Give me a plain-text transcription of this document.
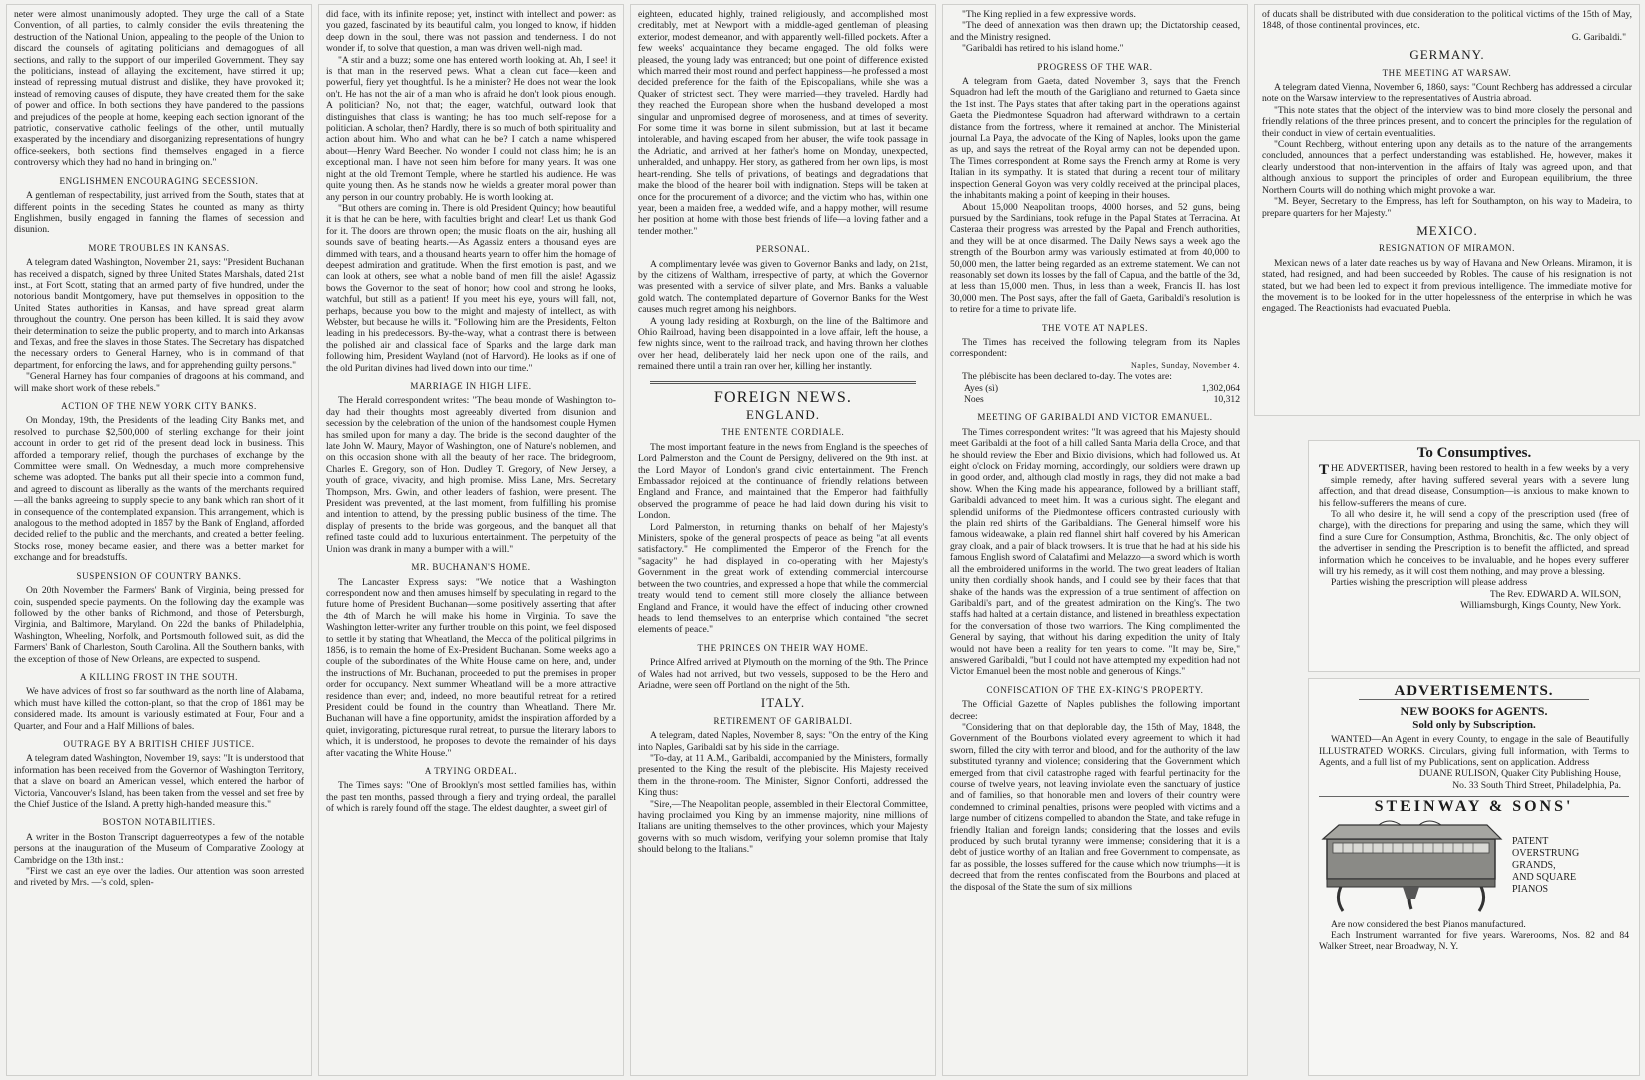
neter were almost unanimously adopted. They urge the call of a State Convention, of all parties, to calmly consider the evils threatening the destruction of the National Union, appealing to the people of the Union to discard the counsels of agitating politicians and demagogues of all sections, and rally to the support of our imperiled Government. They say the politicians, instead of allaying the excitement, have stirred it up; instead of repressing mutual distrust and dislike, they have provoked it; instead of removing causes of dispute, they have created them for the sake of power and office. In both sections they have pandered to the passions and prejudices of the people at home, keeping each section ignorant of the patriotic, conservative catholic feelings of the other, until mutually exasperated by the incendiary and disorganizing representations of hungry office-seekers, both sections find themselves engaged in a fierce controversy which they had no hand in bringing on."

ENGLISHMEN ENCOURAGING SECESSION.

A gentleman of respectability, just arrived from the South, states that at different points in the seceding States he counted as many as thirty Englishmen, busily engaged in fanning the flames of secession and disunion.

MORE TROUBLES IN KANSAS.

A telegram dated Washington, November 21, says: "President Buchanan has received a dispatch, signed by three United States Marshals, dated 21st inst., at Fort Scott, stating that an armed party of five hundred, under the notorious bandit Montgomery, have put themselves in opposition to the United States authorities in Kansas, and have spread great alarm throughout the country. One person has been killed. It is said they avow their determination to seize the public property, and to march into Arkansas and Texas, and free the slaves in those States. The Secretary has dispatched the necessary orders to General Harney, who is in command of that department, for enforcing the laws, and for apprehending guilty persons."

"General Harney has four companies of dragoons at his command, and will make short work of these rebels."

ACTION OF THE NEW YORK CITY BANKS.

On Monday, 19th, the Presidents of the leading City Banks met, and resolved to purchase $2,500,000 of sterling exchange for their joint account in order to get rid of the present dead lock in business. This afforded a temporary relief, though the purchases of exchange by the Committee were small. On Wednesday, a much more comprehensive scheme was adopted. The banks put all their specie into a common fund, and agreed to discount as liberally as the wants of the merchants required—all the banks agreeing to supply specie to any bank which ran short of it in consequence of the contemplated expansion. This arrangement, which is analogous to the method adopted in 1857 by the Bank of England, afforded decided relief to the public and the merchants, and created a better feeling. Stocks rose, money became easier, and there was a better market for exchange and for breadstuffs.

SUSPENSION OF COUNTRY BANKS.

On 20th November the Farmers' Bank of Virginia, being pressed for coin, suspended specie payments. On the following day the example was followed by the other banks of Richmond, and those of Petersburgh, Virginia, and Baltimore, Maryland. On 22d the banks of Philadelphia, Washington, Wheeling, Norfolk, and Portsmouth followed suit, as did the Farmers' Bank of Charleston, South Carolina. All the Southern banks, with the exception of those of New Orleans, are expected to suspend.

A KILLING FROST IN THE SOUTH.

We have advices of frost so far southward as the north line of Alabama, which must have killed the cotton-plant, so that the crop of 1861 may be considered made. Its amount is variously estimated at Four, Four and a Quarter, and Four and a Half Millions of bales.

OUTRAGE BY A BRITISH CHIEF JUSTICE.

A telegram dated Washington, November 19, says: "It is understood that information has been received from the Governor of Washington Territory, that a slave on board an American vessel, which entered the harbor of Victoria, Vancouver's Island, has been taken from the vessel and set free by the Chief Justice of the Island. A pretty high-handed measure this."

BOSTON NOTABILITIES.

A writer in the Boston Transcript daguerreotypes a few of the notable persons at the inauguration of the Museum of Comparative Zoology at Cambridge on the 13th inst.:

"First we cast an eye over the ladies. Our attention was soon arrested and riveted by Mrs. —'s cold, splen-

did face, with its infinite repose; yet, instinct with intellect and power: as you gazed, fascinated by its beautiful calm, you longed to know, if hidden deep down in the soul, there was not passion and tenderness. I do not wonder if, to solve that question, a man was driven well-nigh mad.

"A stir and a buzz; some one has entered worth looking at. Ah, I see! it is that man in the reserved pews. What a clean cut face—keen and powerful, fiery yet thoughtful. Is he a minister? He does not wear the look on't. He has not the air of a man who is afraid he don't look pious enough. A politician? No, not that; the eager, watchful, outward look that distinguishes that class is wanting; he has too much self-repose for a politician. A scholar, then? Hardly, there is so much of both spirituality and action about him. Who and what can he be? I catch a name whispered about—Henry Ward Beecher. No wonder I could not class him; he is an exceptional man. I have not seen him before for many years. It was one night at the old Tremont Temple, where he startled his audience. He was quite young then. As he stands now he wields a greater moral power than any person in our country probably. He is worth looking at.

"But others are coming in. There is old President Quincy; how beautiful it is that he can be here, with faculties bright and clear! Let us thank God for it. The doors are thrown open; the music floats on the air, hushing all sounds save of beating hearts.—As Agassiz enters a thousand eyes are dimmed with tears, and a thousand hearts yearn to offer him the homage of deepest admiration and gratitude. When the first emotion is past, and we can look at others, see what a noble band of men fill the aisle! Agassiz bows the Governor to the seat of honor; how cool and strong he looks, watchful, but still as a patient! If you meet his eye, yours will fall, not, perhaps, because you bow to the might and majesty of intellect, as with Webster, but because he wills it. "Following him are the Presidents, Felton leading in his predecessors. By-the-way, what a contrast there is between the polished air and classical face of Sparks and the large dark man following him, President Wayland (not of Harvord). He looks as if one of the old Puritan divines had lived down into our time."

MARRIAGE IN HIGH LIFE.

The Herald correspondent writes: "The beau monde of Washington to-day had their thoughts most agreeably diverted from disunion and secession by the celebration of the union of the handsomest couple Hymen has smiled upon for many a day. The bride is the second daughter of the late John W. Maury, Mayor of Washington, one of Nature's noblemen, and on this occasion shone with all the beauty of her race. The bridegroom, Charles E. Gregory, son of Hon. Dudley T. Gregory, of New Jersey, a youth of grace, vivacity, and high promise. Miss Lane, Mrs. Secretary Thompson, Mrs. Gwin, and other leaders of fashion, were present. The President was prevented, at the last moment, from fulfilling his promise and intention to attend, by the pressing public business of the time. The display of presents to the bride was gorgeous, and the banquet all that refined taste could add to luxurious entertainment. The perpetuity of the Union was drank in many a bumper with a will."

MR. BUCHANAN'S HOME.

The Lancaster Express says: "We notice that a Washington correspondent now and then amuses himself by speculating in regard to the future home of President Buchanan—some positively asserting that after the 4th of March he will make his home in Virginia. To save the Washington letter-writer any further trouble on this point, we feel disposed to settle it by stating that Wheatland, the Mecca of the political pilgrims in 1856, is to remain the home of Ex-President Buchanan. Some weeks ago a couple of the subordinates of the White House came on here, and, under the instructions of Mr. Buchanan, proceeded to put the premises in proper order for occupancy. Next summer Wheatland will be a more attractive residence than ever; and, indeed, no more beautiful retreat for a retired President could be found in the country than Wheatland. There Mr. Buchanan will have a fine opportunity, amidst the inspiration afforded by a quiet, invigorating, picturesque rural retreat, to pursue the literary labors to which, it is understood, he proposes to devote the remainder of his days after vacating the White House."

A TRYING ORDEAL.

The Times says: "One of Brooklyn's most settled families has, within the past ten months, passed through a fiery and trying ordeal, the parallel of which is rarely found off the stage. The eldest daughter, a sweet girl of

eighteen, educated highly, trained religiously, and accomplished most creditably, met at Newport with a middle-aged gentleman of pleasing exterior, modest demeanor, and with apparently well-filled pockets. After a few weeks' acquaintance they became engaged. The old folks were pleased, the young lady was entranced; but one point of difference existed which marred their most round and perfect happiness—he professed a most decided preference for the faith of the Episcopalians, while she was a Quaker of strictest sect. They were married—they traveled. Hardly had they reached the European shore when the husband developed a most singular and unpromised degree of moroseness, and at times of severity. For some time it was borne in silent submission, but at last it became intolerable, and having escaped from her abuser, the wife took passage in the Adriatic, and arrived at her father's home on Monday, unexpected, unheralded, and unhappy. Her story, as gathered from her own lips, is most heart-rending. She tells of privations, of beatings and degradations that make the blood of the hearer boil with indignation. Steps will be taken at once for the procurement of a divorce; and the victim who has, within one year, been a maiden free, a wedded wife, and a happy mother, will resume her position at home with those best friends of life—a loving father and a tender mother."

PERSONAL.

A complimentary levée was given to Governor Banks and lady, on 21st, by the citizens of Waltham, irrespective of party, at which the Governor was presented with a service of silver plate, and Mrs. Banks a valuable gold watch. The contemplated departure of Governor Banks for the West causes much regret among his neighbors.

A young lady residing at Roxburgh, on the line of the Baltimore and Ohio Railroad, having been disappointed in a love affair, left the house, a few nights since, went to the railroad track, and having thrown her clothes over her head, deliberately laid her neck upon one of the rails, and remained there until a train ran over her, killing her instantly.

FOREIGN NEWS.
ENGLAND.
THE ENTENTE CORDIALE.

The most important feature in the news from England is the speeches of Lord Palmerston and the Count de Persigny, delivered on the 9th inst. at the Lord Mayor of London's grand civic entertainment. The French Embassador rejoiced at the continuance of friendly relations between England and France, and maintained that the Emperor had faithfully observed the programme of peace he had laid down during his visit to London.

Lord Palmerston, in returning thanks on behalf of her Majesty's Ministers, spoke of the general prospects of peace as being "at all events satisfactory." He complimented the Emperor of the French for the "sagacity" he had displayed in co-operating with her Majesty's Government in the great work of extending commercial intercourse between the two countries, and expressed a hope that while the commercial treaty would tend to cement still more closely the alliance between England and France, it would have the effect of inducing other crowned heads to lend themselves to an enterprise which contained "the secret elements of peace."

THE PRINCES ON THEIR WAY HOME.

Prince Alfred arrived at Plymouth on the morning of the 9th. The Prince of Wales had not arrived, but two vessels, supposed to be the Hero and Ariadne, were seen off Portland on the night of the 5th.

ITALY.
RETIREMENT OF GARIBALDI.

A telegram, dated Naples, November 8, says: "On the entry of the King into Naples, Garibaldi sat by his side in the carriage.

"To-day, at 11 A.M., Garibaldi, accompanied by the Ministers, formally presented to the King the result of the plebiscite. His Majesty received them in the throne-room. The Minister, Signor Conforti, addressed the King thus:

"Sire,—The Neapolitan people, assembled in their Electoral Committee, having proclaimed you King by an immense majority, nine millions of Italians are uniting themselves to the other provinces, which your Majesty governs with so much wisdom, verifying your solemn promise that Italy should belong to the Italians."

"The King replied in a few expressive words.

"The deed of annexation was then drawn up; the Dictatorship ceased, and the Ministry resigned.

"Garibaldi has retired to his island home."

PROGRESS OF THE WAR.

A telegram from Gaeta, dated November 3, says that the French Squadron had left the mouth of the Garigliano and returned to Gaeta since the 1st inst. The Pays states that after taking part in the operations against Gaeta the Piedmontese Squadron had afterward withdrawn to a certain distance from the fortress, where it remained at anchor. The Ministerial journal La Paya, the advocate of the King of Naples, looks upon the game as up, and says the retreat of the Royal army can not be depended upon. The Times correspondent at Rome says the French army at Rome is very Italian in its sympathy. It is stated that during a recent tour of military inspection General Goyon was very coldly received at the principal places, the inhabitants making a point of keeping in their houses.

About 15,000 Neapolitan troops, 4000 horses, and 52 guns, being pursued by the Sardinians, took refuge in the Papal States at Terracina. At Casteraa their progress was arrested by the Papal and French authorities, and they will be at once disarmed. The Daily News says a week ago the strength of the Bourbon army was variously estimated at from 40,000 to 50,000 men, the latter being regarded as an extreme statement. We can not reasonably set down its losses by the fall of Capua, and the battle of the 3d, at less than 15,000 men. Thus, in less than a week, Francis II. has lost 30,000 men. The Post says, after the fall of Gaeta, Garibaldi's resolution is to retire for a time to private life.

THE VOTE AT NAPLES.

The Times has received the following telegram from its Naples correspondent:

Naples, Sunday, November 4.

The plébiscite has been declared to-day. The votes are:

Ayes (sì)	1,302,064
Noes	10,312
MEETING OF GARIBALDI AND VICTOR EMANUEL.

The Times correspondent writes: "It was agreed that his Majesty should meet Garibaldi at the foot of a hill called Santa Maria della Croce, and that he should review the Eber and Bixio divisions, which had followed us. At eight o'clock on Friday morning, accordingly, our soldiers were drawn up in good order, and, although clad mostly in rags, they did not make a bad show. When the King made his appearance, followed by a brilliant staff, Garibaldi advanced to meet him. It was a curious sight. The elegant and splendid uniforms of the Piedmontese officers contrasted curiously with the plain red shirts of the Garibaldians. The General himself wore his famous wideawake, a plain red flannel shirt half covered by his American gray cloak, and a pair of black trowsers. It is true that he had at his side his famous English sword of Calatafimi and Melazzo—a sword which is worth all the embroidered uniforms in the world. The two great leaders of Italian unity then cordially shook hands, and I could see by their faces that that shake of the hands was the expression of a true sentiment of affection on Garibaldi's part, and of the greatest admiration on the King's. The two staffs had halted at a certain distance, and listened in breathless expectation for the conversation of those two warriors. The King complimented the General by saying, that without his daring expedition the unity of Italy would not have been a reality for ten years to come. "It may be, Sire," answered Garibaldi, "but I could not have attempted my expedition had not Victor Emanuel been the most noble and generous of Kings."

CONFISCATION OF THE EX-KING'S PROPERTY.

The Official Gazette of Naples publishes the following important decree:

"Considering that on that deplorable day, the 15th of May, 1848, the Government of the Bourbons violated every agreement to which it had sworn, filled the city with terror and blood, and for the authority of the law substituted tyranny and violence; considering that the Government which emerged from that civil catastrophe raged with fearful pertinacity for the course of twelve years, not leaving inviolate even the sanctuary of justice and of families, so that honorable men and lovers of their country were condemned to criminal penalties, prisons were peopled with victims and a large number of citizens compelled to abandon the State, and take refuge in friendly Italian and foreign lands; considering that the losses and evils produced by such brutal tyranny were immense; considering that it is a debt of justice worthy of an Italian and free Government to compensate, as far as possible, the losses suffered for the cause which now triumphs—it is decreed that from the rentes confiscated from the Bourbons and placed at the disposal of the State the sum of six millions

of ducats shall be distributed with due consideration to the political victims of the 15th of May, 1848, of those continental provinces, etc.

G. Garibaldi."
GERMANY.
THE MEETING AT WARSAW.

A telegram dated Vienna, November 6, 1860, says: "Count Rechberg has addressed a circular note on the Warsaw interview to the representatives of Austria abroad.

"This note states that the object of the interview was to bind more closely the personal and friendly relations of the three princes present, and to concert the principles for the regulation of their conduct in view of certain eventualities.

"Count Rechberg, without entering upon any details as to the nature of the arrangements concluded, announces that a perfect understanding was established. He, however, makes it clearly understood that non-intervention in the affairs of Italy was agreed upon, and that although anxious to support the principles of order and European equilibrium, the three Northern Courts will do nothing which might provoke a war.

"M. Beyer, Secretary to the Empress, has left for Southampton, on his way to Madeira, to prepare quarters for her Majesty."

MEXICO.
RESIGNATION OF MIRAMON.

Mexican news of a later date reaches us by way of Havana and New Orleans. Miramon, it is stated, had resigned, and had been succeeded by Robles. The cause of his resignation is not stated, but we had been led to expect it from previous intelligence. The immediate motive for the movement is to be looked for in the utter hopelessness of the enterprise in which he was engaged. The Reactionists had evacuated Puebla.

To Consumptives.
THE ADVERTISER, having been restored to health in a few weeks by a very simple remedy, after having suffered several years with a severe lung affection, and that dread disease, Consumption—is anxious to make known to his fellow-sufferers the means of cure.

To all who desire it, he will send a copy of the prescription used (free of charge), with the directions for preparing and using the same, which they will find a sure Cure for Consumption, Asthma, Bronchitis, &c. The only object of the advertiser in sending the Prescription is to benefit the afflicted, and spread information which he conceives to be invaluable, and he hopes every sufferer will try his remedy, as it will cost them nothing, and may prove a blessing.

Parties wishing the prescription will please address

The Rev. EDWARD A. WILSON,
Williamsburgh, Kings County, New York.
ADVERTISEMENTS.
NEW BOOKS for AGENTS.
Sold only by Subscription.

WANTED—An Agent in every County, to engage in the sale of Beautifully ILLUSTRATED WORKS. Circulars, giving full information, with Terms to Agents, and a full list of my Publications, sent on application. Address

DUANE RULISON, Quaker City Publishing House,
No. 33 South Third Street, Philadelphia, Pa.
STEINWAY & SONS'
PATENT
OVERSTRUNG
GRANDS,
AND SQUARE
PIANOS

Are now considered the best Pianos manufactured.

Each Instrument warranted for five years. Warerooms, Nos. 82 and 84 Walker Street, near Broadway, N. Y.
